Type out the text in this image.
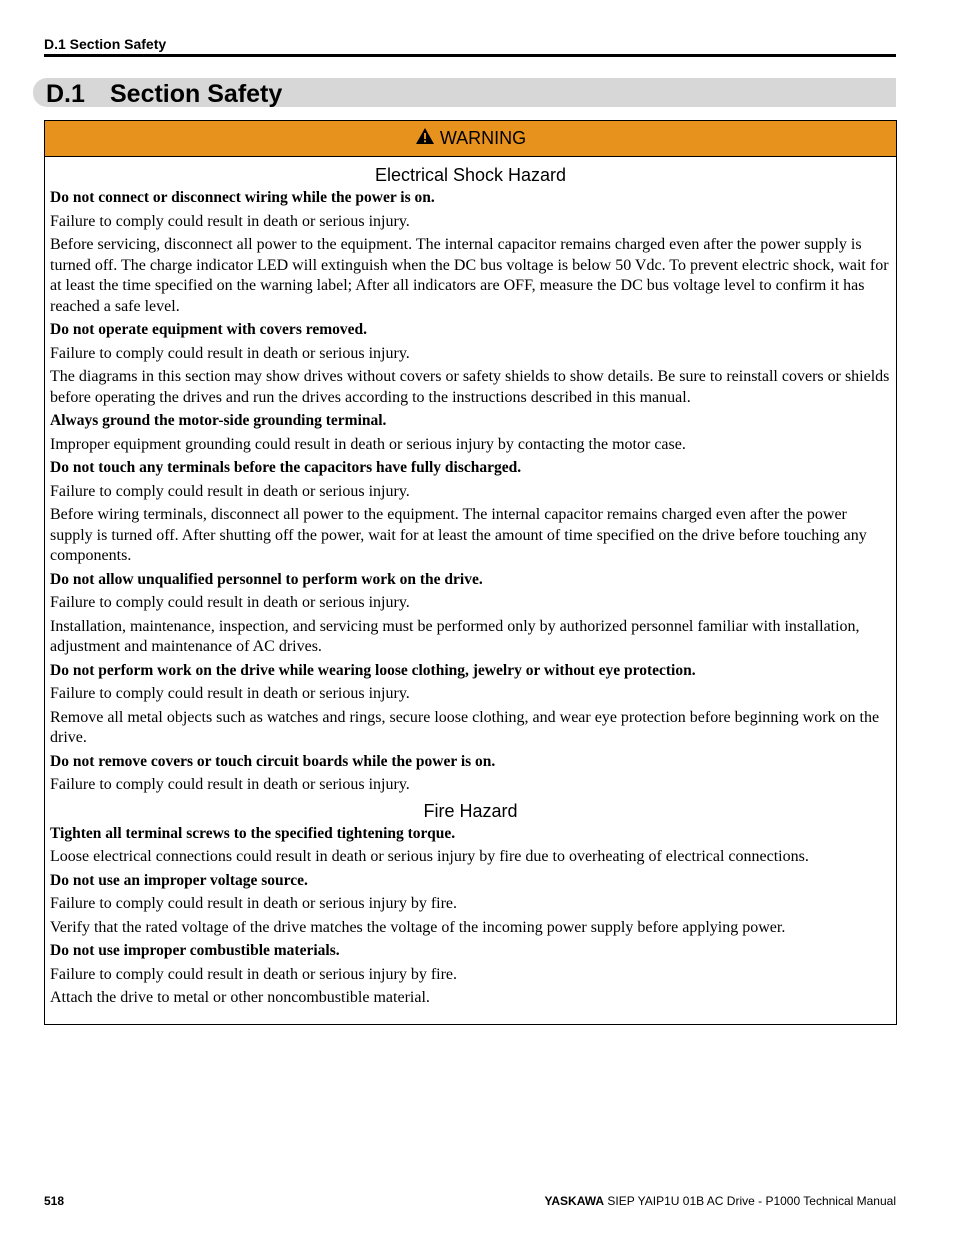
D.1 Section Safety
D.1 Section Safety
WARNING
Electrical Shock Hazard

Do not connect or disconnect wiring while the power is on.

Failure to comply could result in death or serious injury.

Before servicing, disconnect all power to the equipment. The internal capacitor remains charged even after the power supply is turned off. The charge indicator LED will extinguish when the DC bus voltage is below 50 Vdc. To prevent electric shock, wait for at least the time specified on the warning label; After all indicators are OFF, measure the DC bus voltage level to confirm it has reached a safe level.

Do not operate equipment with covers removed.

Failure to comply could result in death or serious injury.

The diagrams in this section may show drives without covers or safety shields to show details. Be sure to reinstall covers or shields before operating the drives and run the drives according to the instructions described in this manual.

Always ground the motor-side grounding terminal.

Improper equipment grounding could result in death or serious injury by contacting the motor case.

Do not touch any terminals before the capacitors have fully discharged.

Failure to comply could result in death or serious injury.

Before wiring terminals, disconnect all power to the equipment. The internal capacitor remains charged even after the power supply is turned off. After shutting off the power, wait for at least the amount of time specified on the drive before touching any components.

Do not allow unqualified personnel to perform work on the drive.

Failure to comply could result in death or serious injury.

Installation, maintenance, inspection, and servicing must be performed only by authorized personnel familiar with installation, adjustment and maintenance of AC drives.

Do not perform work on the drive while wearing loose clothing, jewelry or without eye protection.

Failure to comply could result in death or serious injury.

Remove all metal objects such as watches and rings, secure loose clothing, and wear eye protection before beginning work on the drive.

Do not remove covers or touch circuit boards while the power is on.

Failure to comply could result in death or serious injury.

Fire Hazard

Tighten all terminal screws to the specified tightening torque.

Loose electrical connections could result in death or serious injury by fire due to overheating of electrical connections.

Do not use an improper voltage source.

Failure to comply could result in death or serious injury by fire.

Verify that the rated voltage of the drive matches the voltage of the incoming power supply before applying power.

Do not use improper combustible materials.

Failure to comply could result in death or serious injury by fire.

Attach the drive to metal or other noncombustible material.

518	YASKAWA SIEP YAIP1U 01B AC Drive - P1000 Technical Manual
